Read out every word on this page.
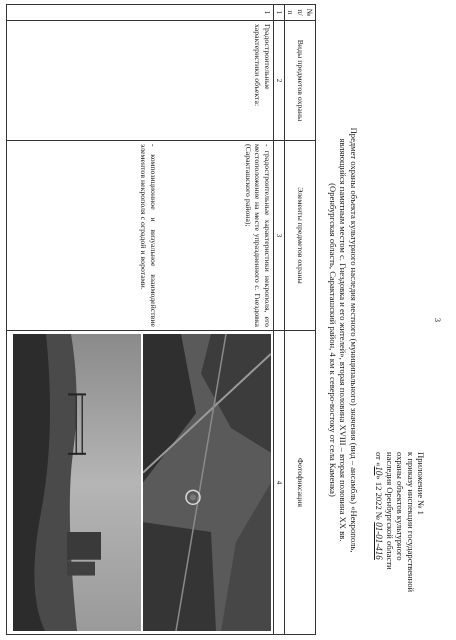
3
Приложение № 1
к приказу инспекции государственной
охраны объектов культурного
наследия Оренбургской области
от «10» 12 2022 № 01-01-416
Предмет охраны объекта культурного наследия местного (муниципального) значения (вид – ансамбль) «Некрополь,
являющийся памятным местом с. Гнездовка и его жителей», вторая половина XVIII – вторая половина XX вв.
(Оренбургская область, Саракташский район, 4 км к северо-востоку от села Каменка)
№ п/п	Виды предметов охраны	Элементы предметов охраны	Фотофиксация
1	2	3	4
1	Градостроительные характеристики объекта:	- градостроительные характеристики некрополя, его местоположение на месте упраздненного с. Гнездовка (Саракташского района);
- композиционное и визуальное взаимодействие элементов некрополя с оградой и воротами.
